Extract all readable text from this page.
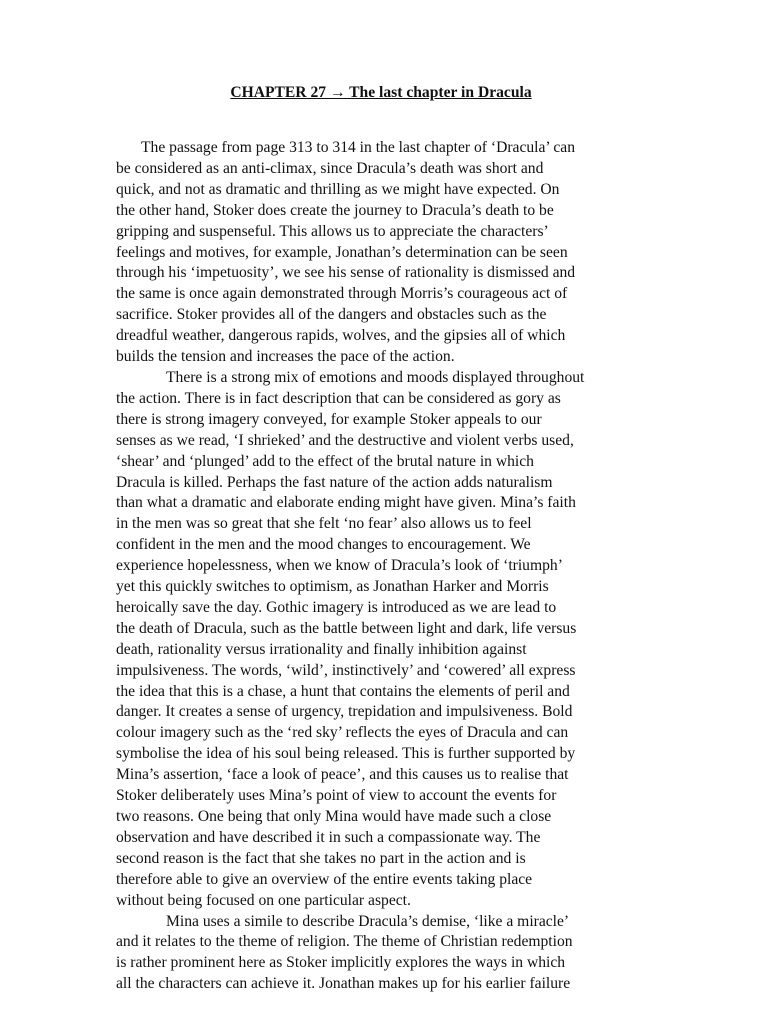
CHAPTER 27 → The last chapter in Dracula
The passage from page 313 to 314 in the last chapter of ‘Dracula’ can
be considered as an anti-climax, since Dracula’s death was short and
quick, and not as dramatic and thrilling as we might have expected. On
the other hand, Stoker does create the journey to Dracula’s death to be
gripping and suspenseful. This allows us to appreciate the characters’
feelings and motives, for example, Jonathan’s determination can be seen
through his ‘impetuosity’, we see his sense of rationality is dismissed and
the same is once again demonstrated through Morris’s courageous act of
sacrifice. Stoker provides all of the dangers and obstacles such as the
dreadful weather, dangerous rapids, wolves, and the gipsies all of which
builds the tension and increases the pace of the action.
There is a strong mix of emotions and moods displayed throughout
the action. There is in fact description that can be considered as gory as
there is strong imagery conveyed, for example Stoker appeals to our
senses as we read, ‘I shrieked’ and the destructive and violent verbs used,
‘shear’ and ‘plunged’ add to the effect of the brutal nature in which
Dracula is killed. Perhaps the fast nature of the action adds naturalism
than what a dramatic and elaborate ending might have given. Mina’s faith
in the men was so great that she felt ‘no fear’ also allows us to feel
confident in the men and the mood changes to encouragement. We
experience hopelessness, when we know of Dracula’s look of ‘triumph’
yet this quickly switches to optimism, as Jonathan Harker and Morris
heroically save the day. Gothic imagery is introduced as we are lead to
the death of Dracula, such as the battle between light and dark, life versus
death, rationality versus irrationality and finally inhibition against
impulsiveness. The words, ‘wild’, instinctively’ and ‘cowered’ all express
the idea that this is a chase, a hunt that contains the elements of peril and
danger. It creates a sense of urgency, trepidation and impulsiveness. Bold
colour imagery such as the ‘red sky’ reflects the eyes of Dracula and can
symbolise the idea of his soul being released. This is further supported by
Mina’s assertion, ‘face a look of peace’, and this causes us to realise that
Stoker deliberately uses Mina’s point of view to account the events for
two reasons. One being that only Mina would have made such a close
observation and have described it in such a compassionate way. The
second reason is the fact that she takes no part in the action and is
therefore able to give an overview of the entire events taking place
without being focused on one particular aspect.
Mina uses a simile to describe Dracula’s demise, ‘like a miracle’
and it relates to the theme of religion. The theme of Christian redemption
is rather prominent here as Stoker implicitly explores the ways in which
all the characters can achieve it. Jonathan makes up for his earlier failure
